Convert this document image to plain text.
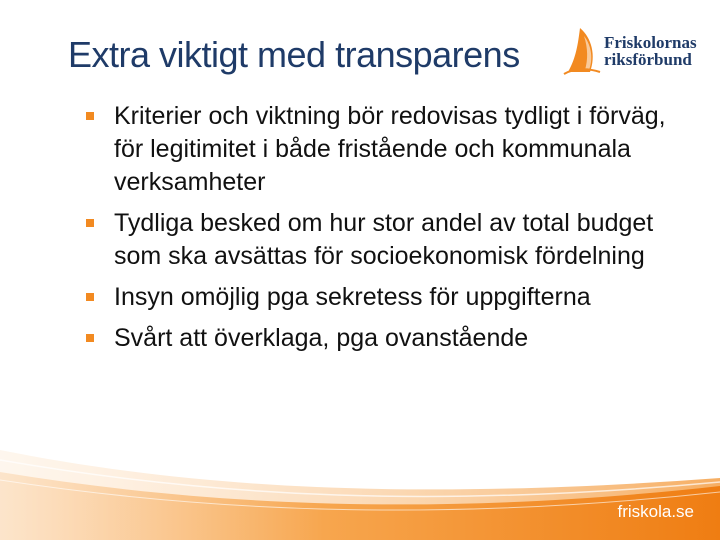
Extra viktigt med transparens	Friskolornas
riksförbund
Kriterier och viktning bör redovisas tydligt i förväg, för legitimitet i både fristående och kommunala verksamheter
Tydliga besked om hur stor andel av total budget som ska avsättas för socioekonomisk fördelning
Insyn omöjlig pga sekretess för uppgifterna
Svårt att överklaga, pga ovanstående
friskola.se
